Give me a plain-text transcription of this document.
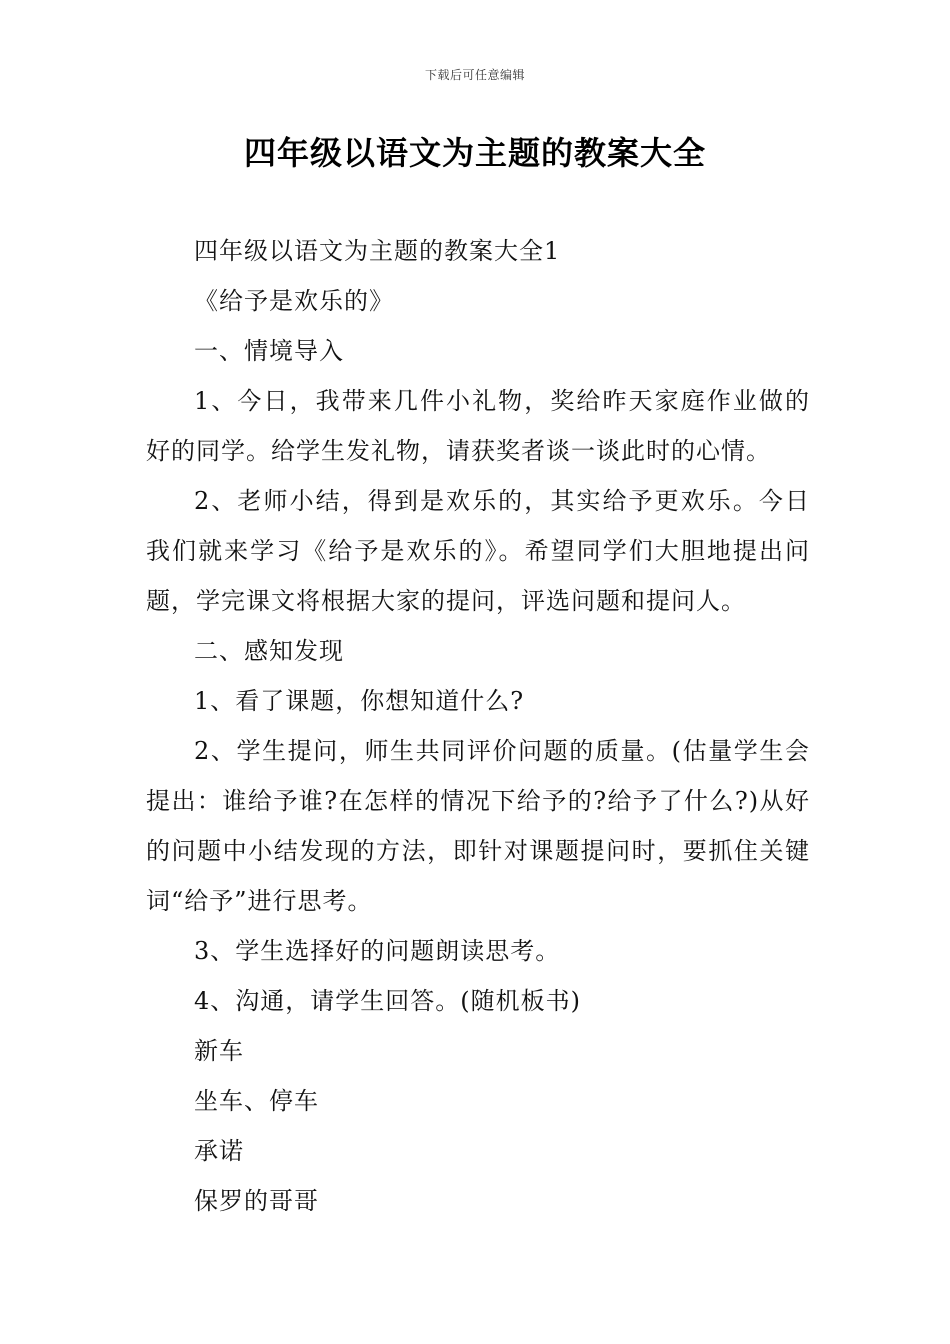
下载后可任意编辑
四年级以语文为主题的教案大全

四年级以语文为主题的教案大全1

《给予是欢乐的》

一、情境导入

1、今日，我带来几件小礼物，奖给昨天家庭作业做的好的同学。给学生发礼物，请获奖者谈一谈此时的心情。

2、老师小结，得到是欢乐的，其实给予更欢乐。今日我们就来学习《给予是欢乐的》。希望同学们大胆地提出问题，学完课文将根据大家的提问，评选问题和提问人。

二、感知发现

1、看了课题，你想知道什么?

2、学生提问，师生共同评价问题的质量。(估量学生会提出：谁给予谁?在怎样的情况下给予的?给予了什么?)从好的问题中小结发现的方法，即针对课题提问时，要抓住关键词“给予”进行思考。

3、学生选择好的问题朗读思考。

4、沟通，请学生回答。(随机板书)

新车

坐车、停车

承诺

保罗的哥哥
